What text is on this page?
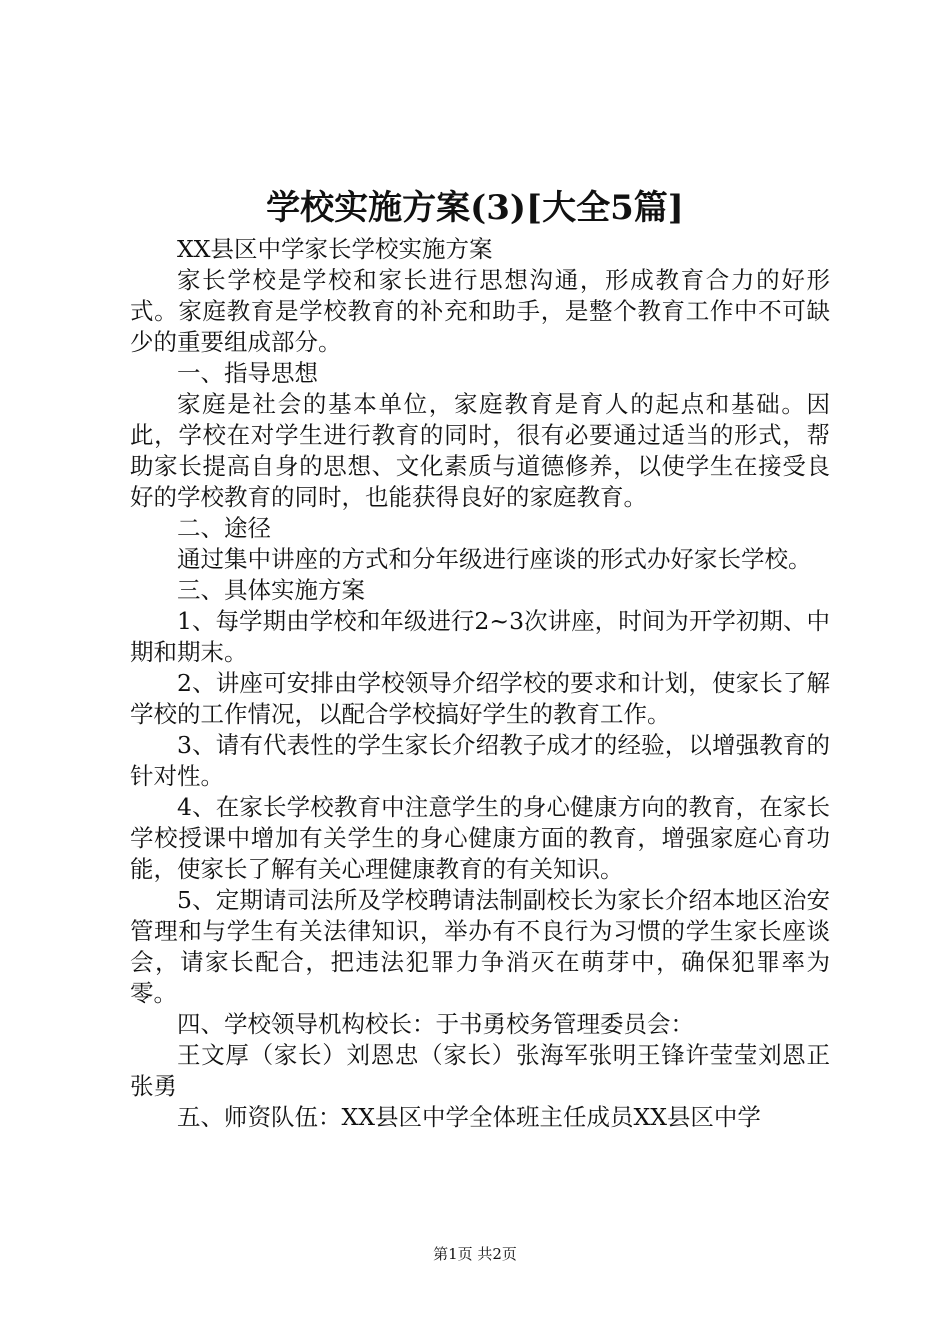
学校实施方案(3)[大全5篇]

XX县区中学家长学校实施方案

家长学校是学校和家长进行思想沟通，形成教育合力的好形式。家庭教育是学校教育的补充和助手，是整个教育工作中不可缺少的重要组成部分。

一、指导思想

家庭是社会的基本单位，家庭教育是育人的起点和基础。因此，学校在对学生进行教育的同时，很有必要通过适当的形式，帮助家长提高自身的思想、文化素质与道德修养，以使学生在接受良好的学校教育的同时，也能获得良好的家庭教育。

二、途径

通过集中讲座的方式和分年级进行座谈的形式办好家长学校。

三、具体实施方案

1、每学期由学校和年级进行2~3次讲座，时间为开学初期、中期和期末。

2、讲座可安排由学校领导介绍学校的要求和计划，使家长了解学校的工作情况，以配合学校搞好学生的教育工作。

3、请有代表性的学生家长介绍教子成才的经验，以增强教育的针对性。

4、在家长学校教育中注意学生的身心健康方向的教育，在家长学校授课中增加有关学生的身心健康方面的教育，增强家庭心育功能，使家长了解有关心理健康教育的有关知识。

5、定期请司法所及学校聘请法制副校长为家长介绍本地区治安管理和与学生有关法律知识，举办有不良行为习惯的学生家长座谈会，请家长配合，把违法犯罪力争消灭在萌芽中，确保犯罪率为零。

四、学校领导机构校长：于书勇校务管理委员会：

王文厚（家长）刘恩忠（家长）张海军张明王锋许莹莹刘恩正张勇

五、师资队伍：XX县区中学全体班主任成员XX县区中学

第1页 共2页
